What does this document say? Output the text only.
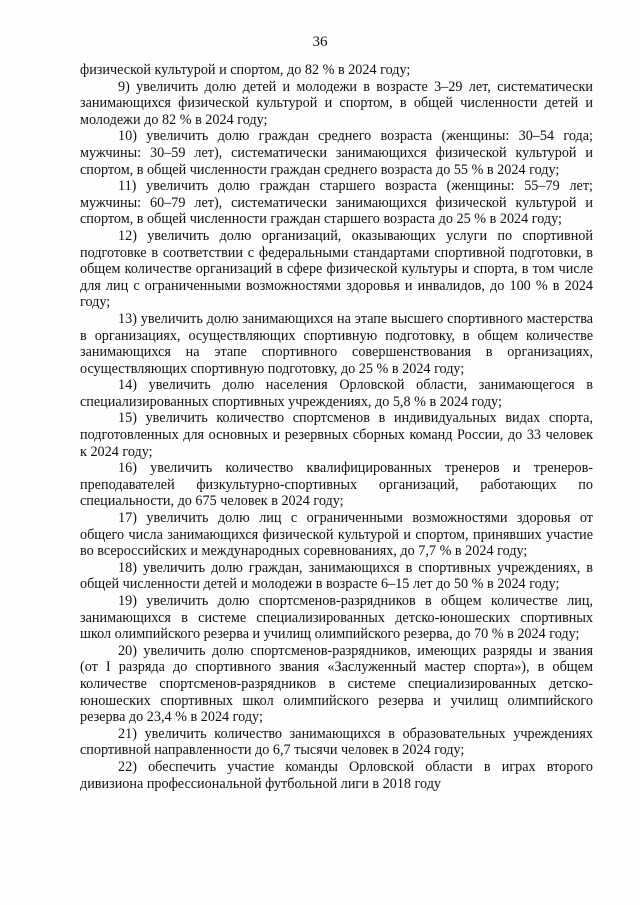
36

физической культурой и спортом, до 82 % в 2024 году;

9) увеличить долю детей и молодежи в возрасте 3–29 лет, систематически занимающихся физической культурой и спортом, в общей численности детей и молодежи до 82 % в 2024 году;

10) увеличить долю граждан среднего возраста (женщины: 30–54 года; мужчины: 30–59 лет), систематически занимающихся физической культурой и спортом, в общей численности граждан среднего возраста до 55 % в 2024 году;

11) увеличить долю граждан старшего возраста (женщины: 55–79 лет; мужчины: 60–79 лет), систематически занимающихся физической культурой и спортом, в общей численности граждан старшего возраста до 25 % в 2024 году;

12) увеличить долю организаций, оказывающих услуги по спортивной подготовке в соответствии с федеральными стандартами спортивной подготовки, в общем количестве организаций в сфере физической культуры и спорта, в том числе для лиц с ограниченными возможностями здоровья и инвалидов, до 100 % в 2024 году;

13) увеличить долю занимающихся на этапе высшего спортивного мастерства в организациях, осуществляющих спортивную подготовку, в общем количестве занимающихся на этапе спортивного совершенствования в организациях, осуществляющих спортивную подготовку, до 25 % в 2024 году;

14) увеличить долю населения Орловской области, занимающегося в специализированных спортивных учреждениях, до 5,8 % в 2024 году;

15) увеличить количество спортсменов в индивидуальных видах спорта, подготовленных для основных и резервных сборных команд России, до 33 человек к 2024 году;

16) увеличить количество квалифицированных тренеров и тренеров-преподавателей физкультурно-спортивных организаций, работающих по специальности, до 675 человек в 2024 году;

17) увеличить долю лиц с ограниченными возможностями здоровья от общего числа занимающихся физической культурой и спортом, принявших участие во всероссийских и международных соревнованиях, до 7,7 % в 2024 году;

18) увеличить долю граждан, занимающихся в спортивных учреждениях, в общей численности детей и молодежи в возрасте 6–15 лет до 50 % в 2024 году;

19) увеличить долю спортсменов-разрядников в общем количестве лиц, занимающихся в системе специализированных детско-юношеских спортивных школ олимпийского резерва и училищ олимпийского резерва, до 70 % в 2024 году;

20) увеличить долю спортсменов-разрядников, имеющих разряды и звания (от I разряда до спортивного звания «Заслуженный мастер спорта»), в общем количестве спортсменов-разрядников в системе специализированных детско-юношеских спортивных школ олимпийского резерва и училищ олимпийского резерва до 23,4 % в 2024 году;

21) увеличить количество занимающихся в образовательных учреждениях спортивной направленности до 6,7 тысячи человек в 2024 году;

22) обеспечить участие команды Орловской области в играх второго дивизиона профессиональной футбольной лиги в 2018 году
